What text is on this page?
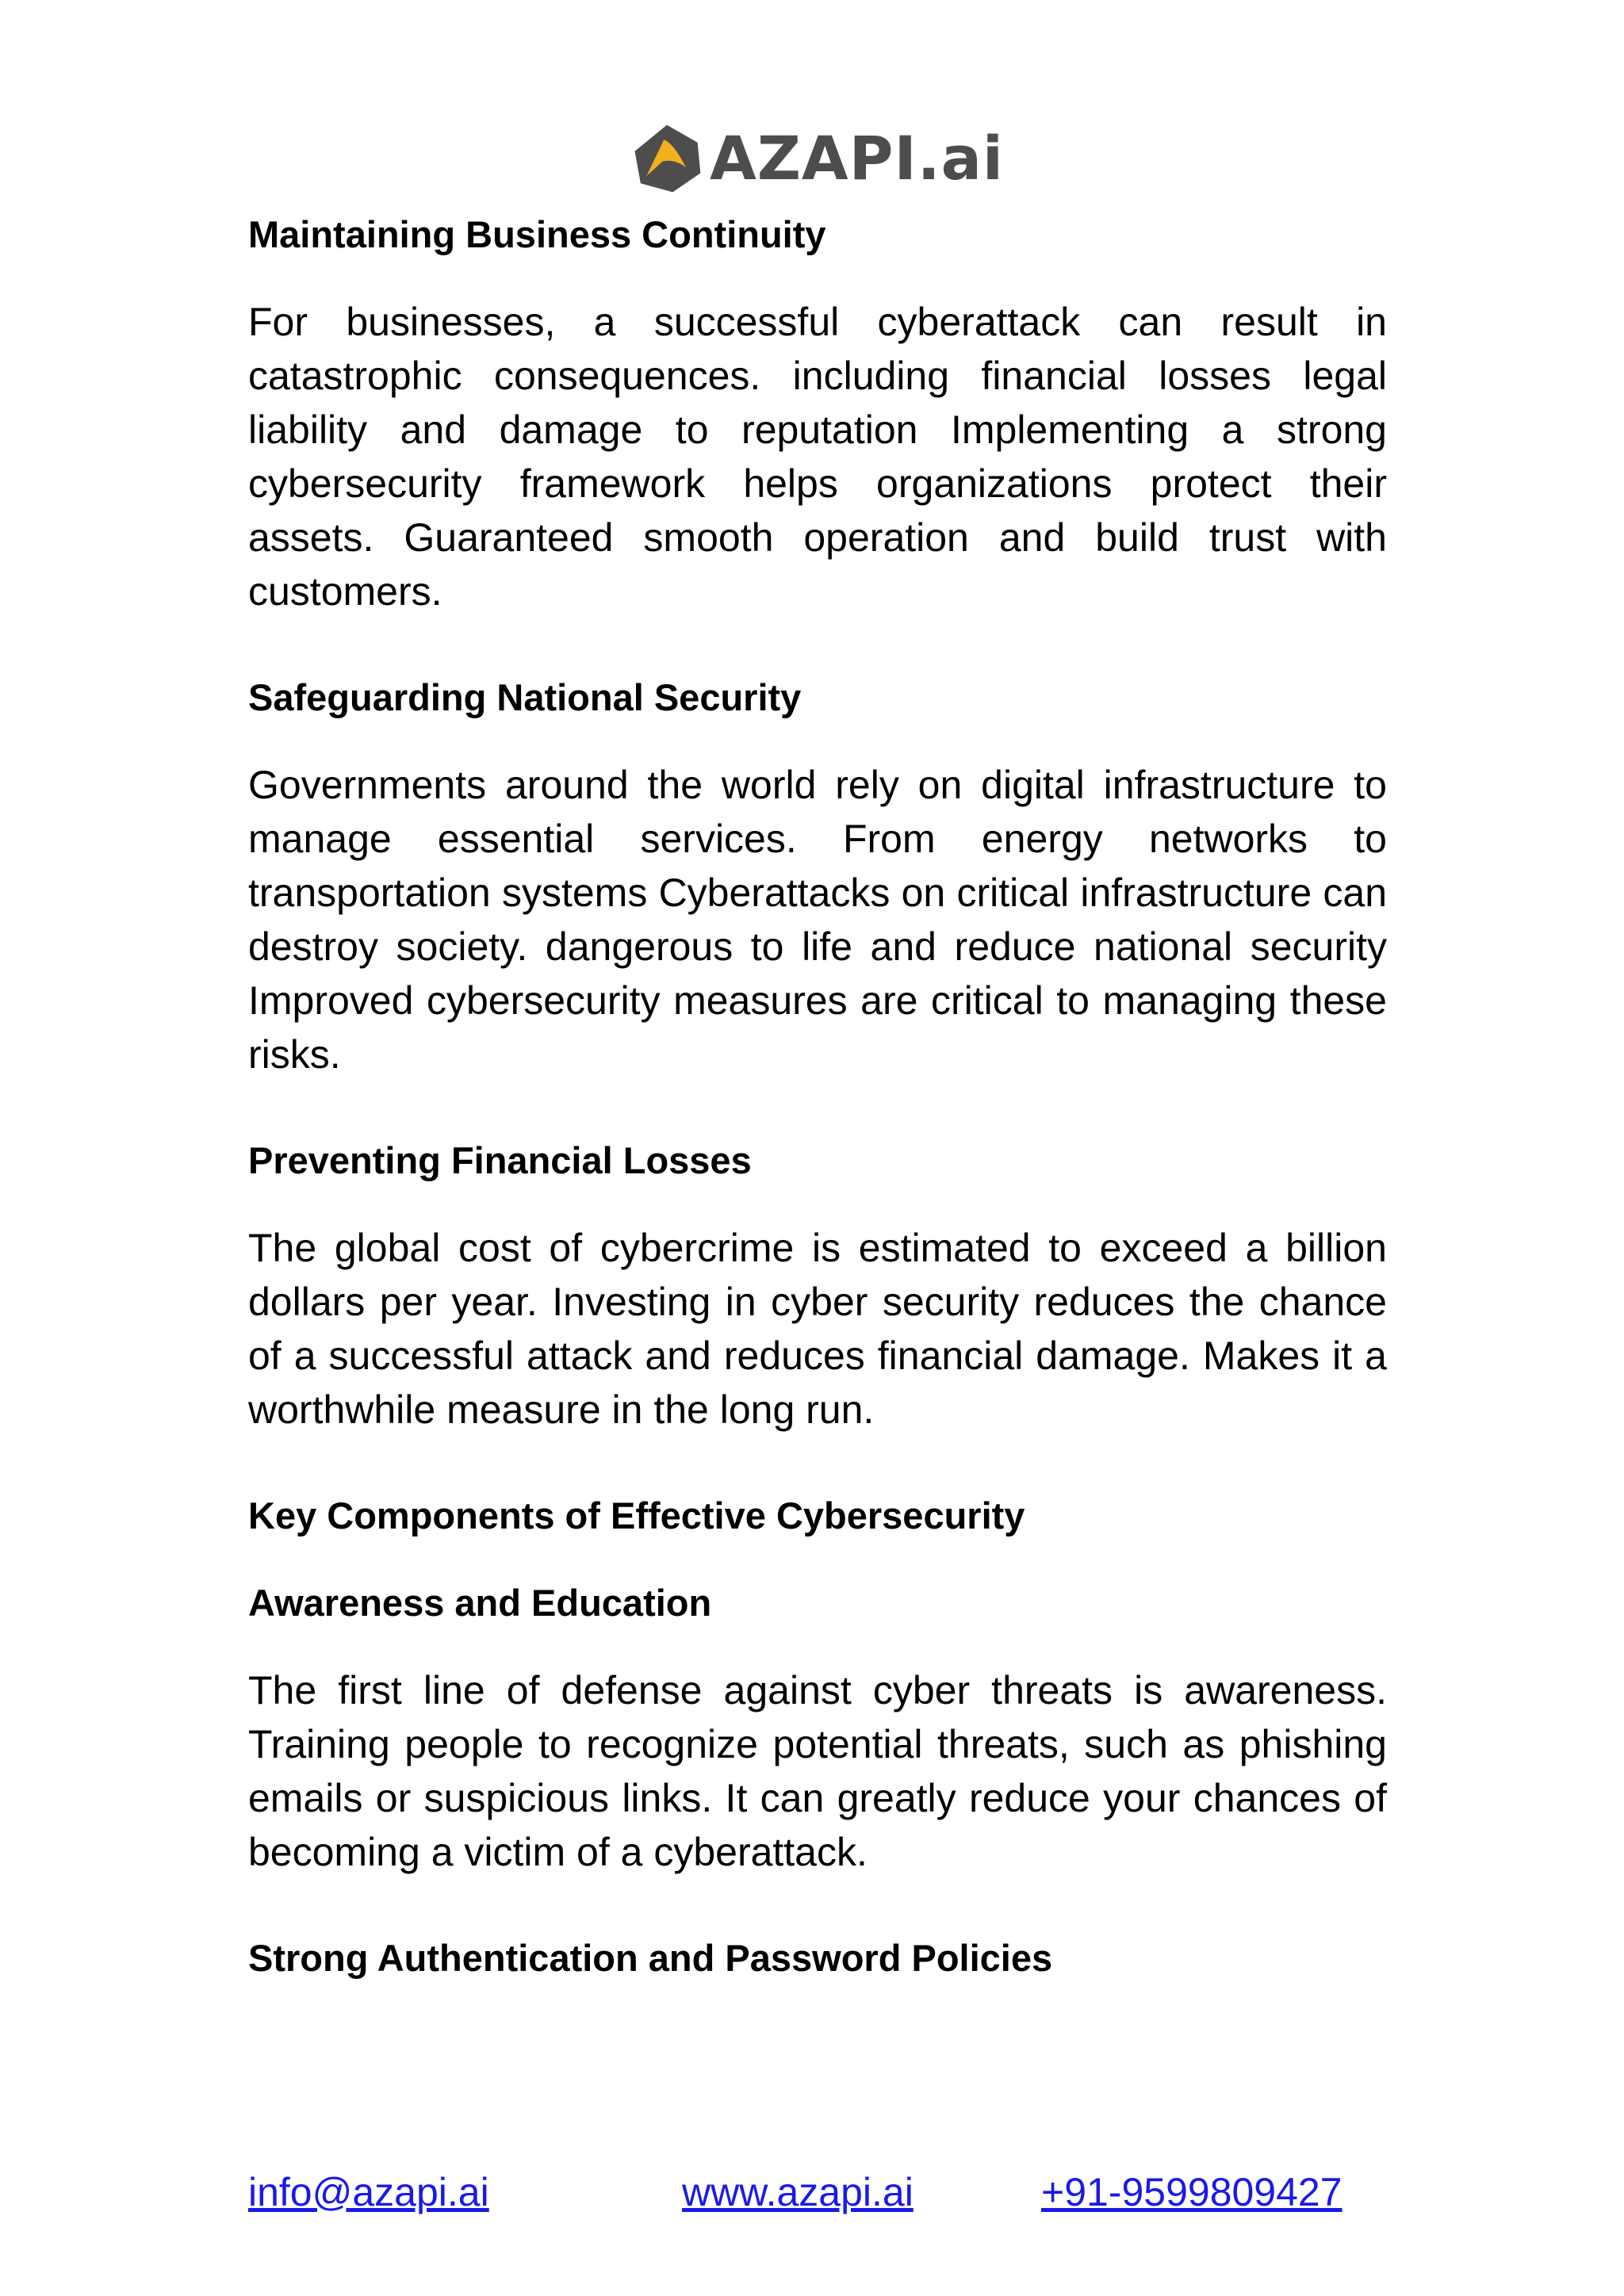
AZAPI.ai
Maintaining Business Continuity

For businesses, a successful cyberattack can result in catastrophic consequences. including financial losses legal liability and damage to reputation Implementing a strong cybersecurity framework helps organizations protect their assets. Guaranteed smooth operation and build trust with customers.

Safeguarding National Security

Governments around the world rely on digital infrastructure to manage essential services. From energy networks to transportation systems Cyberattacks on critical infrastructure can destroy society. dangerous to life and reduce national security Improved cybersecurity measures are critical to managing these risks.

Preventing Financial Losses

The global cost of cybercrime is estimated to exceed a billion dollars per year. Investing in cyber security reduces the chance of a successful attack and reduces financial damage. Makes it a worthwhile measure in the long run.

Key Components of Effective Cybersecurity
Awareness and Education

The first line of defense against cyber threats is awareness. Training people to recognize potential threats, such as phishing emails or suspicious links. It can greatly reduce your chances of becoming a victim of a cyberattack.

Strong Authentication and Password Policies
info@azapi.ai	www.azapi.ai	+91-9599809427
